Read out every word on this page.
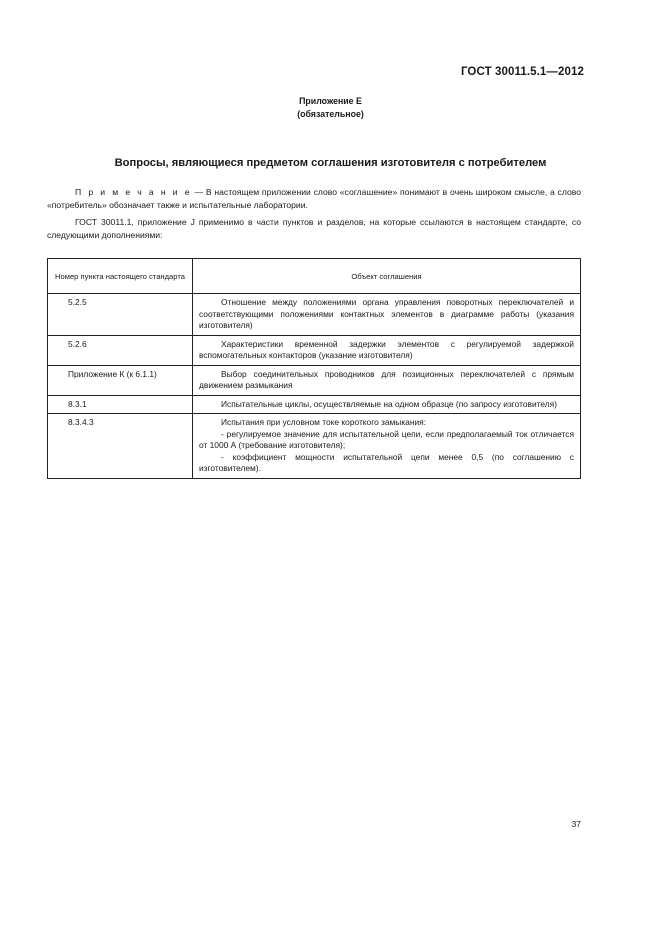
ГОСТ 30011.5.1—2012
Приложение Е
(обязательное)
Вопросы, являющиеся предметом соглашения изготовителя с потребителем
П р и м е ч а н и е — В настоящем приложении слово «соглашение» понимают в очень широком смысле, а слово «потребитель» обозначает также и испытательные лаборатории.
ГОСТ 30011.1, приложение J применимо в части пунктов и разделов, на которые ссылаются в настоящем стандарте, со следующими дополнениями:
Номер пункта настоящего стандарта	Объект соглашения
5.2.5	Отношение между положениями органа управления поворотных переключателей и соответствующими положениями контактных элементов в диаграмме работы (указания изготовителя)

5.2.6	Характеристики временной задержки элементов с регулируемой задержкой вспомогательных контакторов (указание изготовителя)

Приложение К (к 6.1.1)	Выбор соединительных проводников для позиционных переключателей с прямым движением размыкания

8.3.1	Испытательные циклы, осуществляемые на одном образце (по запросу изготовителя)

8.3.4.3	Испытания при условном токе короткого замыкания:
- регулируемое значение для испытательной цепи, если предполагаемый ток отличается от 1000 А (требование изготовителя);
- коэффициент мощности испытательной цепи менее 0,5 (по соглашению с изготовителем).
37
